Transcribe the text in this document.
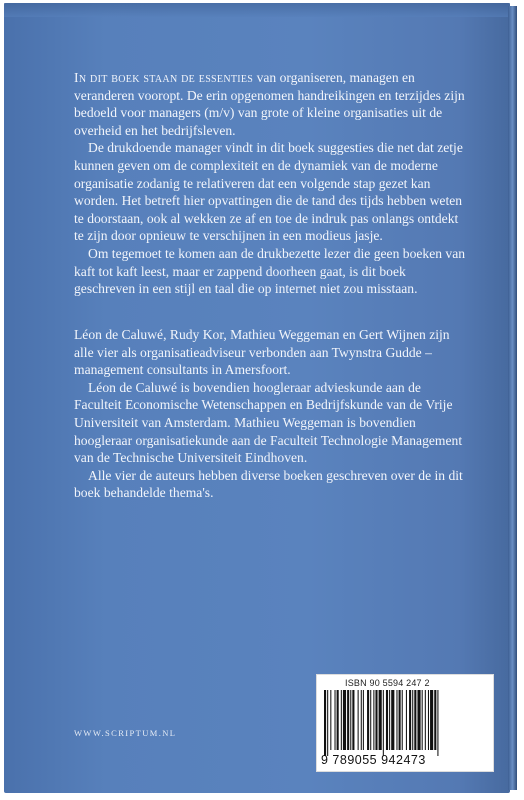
In dit boek staan de essenties van organiseren, managen en veranderen vooropt. De erin opgenomen handreikingen en terzijdes zijn bedoeld voor managers (m/v) van grote of kleine organisaties uit de overheid en het bedrijfsleven.

De drukdoende manager vindt in dit boek suggesties die net dat zetje kunnen geven om de complexiteit en de dynamiek van de moderne organisatie zodanig te relativeren dat een volgende stap gezet kan worden. Het betreft hier opvattingen die de tand des tijds hebben weten te doorstaan, ook al wekken ze af en toe de indruk pas onlangs ontdekt te zijn door opnieuw te verschijnen in een modieus jasje.

Om tegemoet te komen aan de drukbezette lezer die geen boeken van kaft tot kaft leest, maar er zappend doorheen gaat, is dit boek geschreven in een stijl en taal die op internet niet zou misstaan.

Léon de Caluwé, Rudy Kor, Mathieu Weggeman en Gert Wijnen zijn alle vier als organisatieadviseur verbonden aan Twynstra Gudde – management consultants in Amersfoort.

Léon de Caluwé is bovendien hoogleraar advieskunde aan de Faculteit Economische Wetenschappen en Bedrijfskunde van de Vrije Universiteit van Amsterdam. Mathieu Weggeman is bovendien hoogleraar organisatiekunde aan de Faculteit Technologie Management van de Technische Universiteit Eindhoven.

Alle vier de auteurs hebben diverse boeken geschreven over de in dit boek behandelde thema's.

WWW.SCRIPTUM.NL
ISBN 90 5594 247 2
9 789055 942473
